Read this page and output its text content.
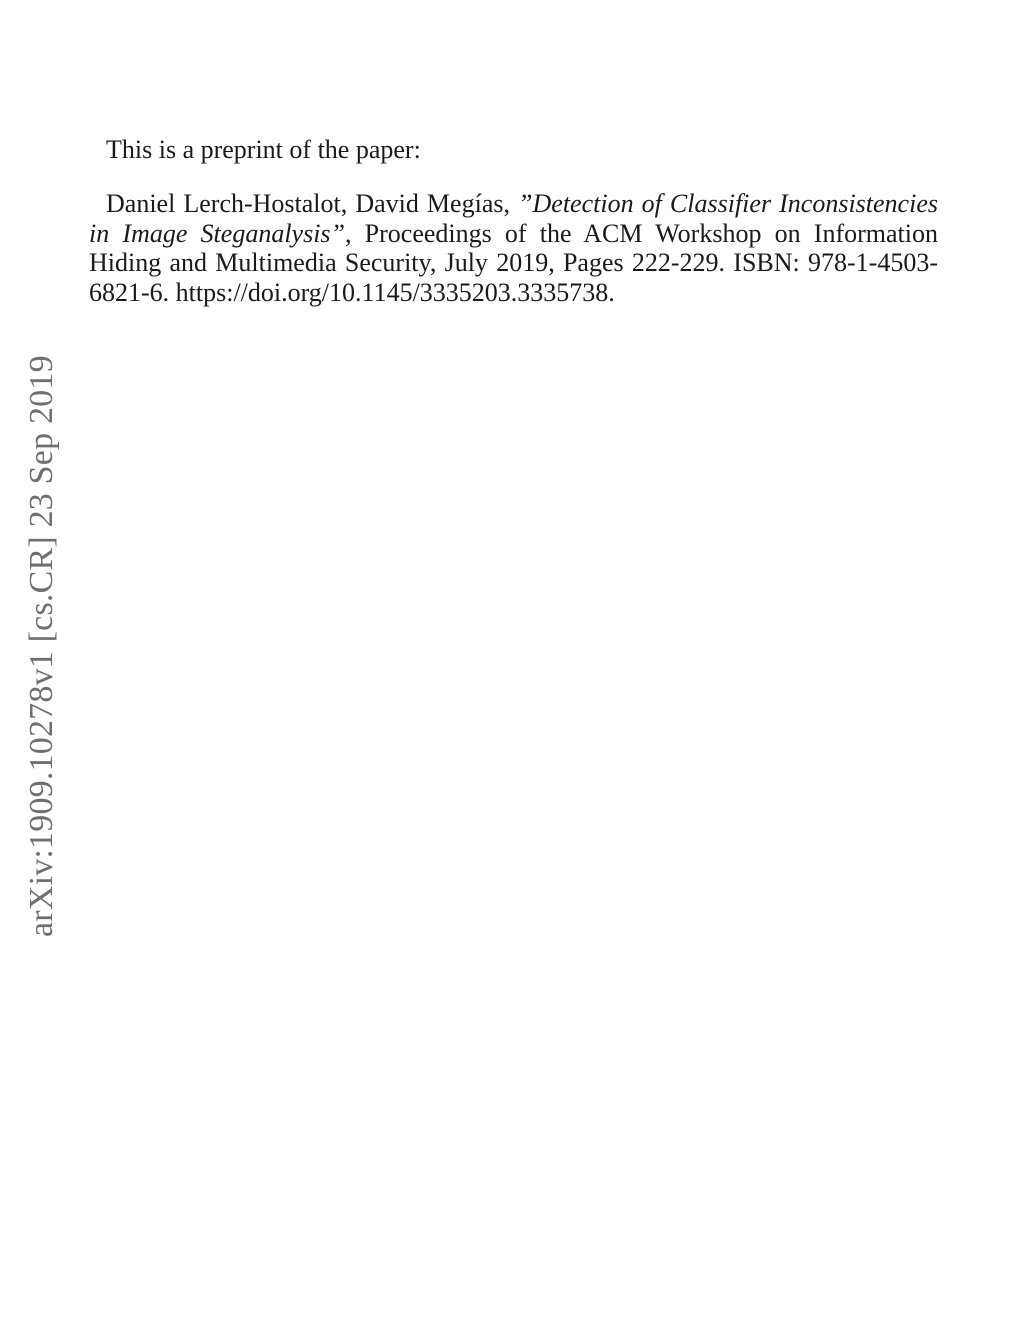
This is a preprint of the paper:

Daniel Lerch-Hostalot, David Megías, ”Detection of Classifier Inconsistencies in Image Steganalysis”, Proceedings of the ACM Workshop on Information Hiding and Multimedia Security, July 2019, Pages 222-229. ISBN: 978-1-4503-6821-6. https://doi.org/10.1145/3335203.3335738.

arXiv:1909.10278v1 [cs.CR] 23 Sep 2019
